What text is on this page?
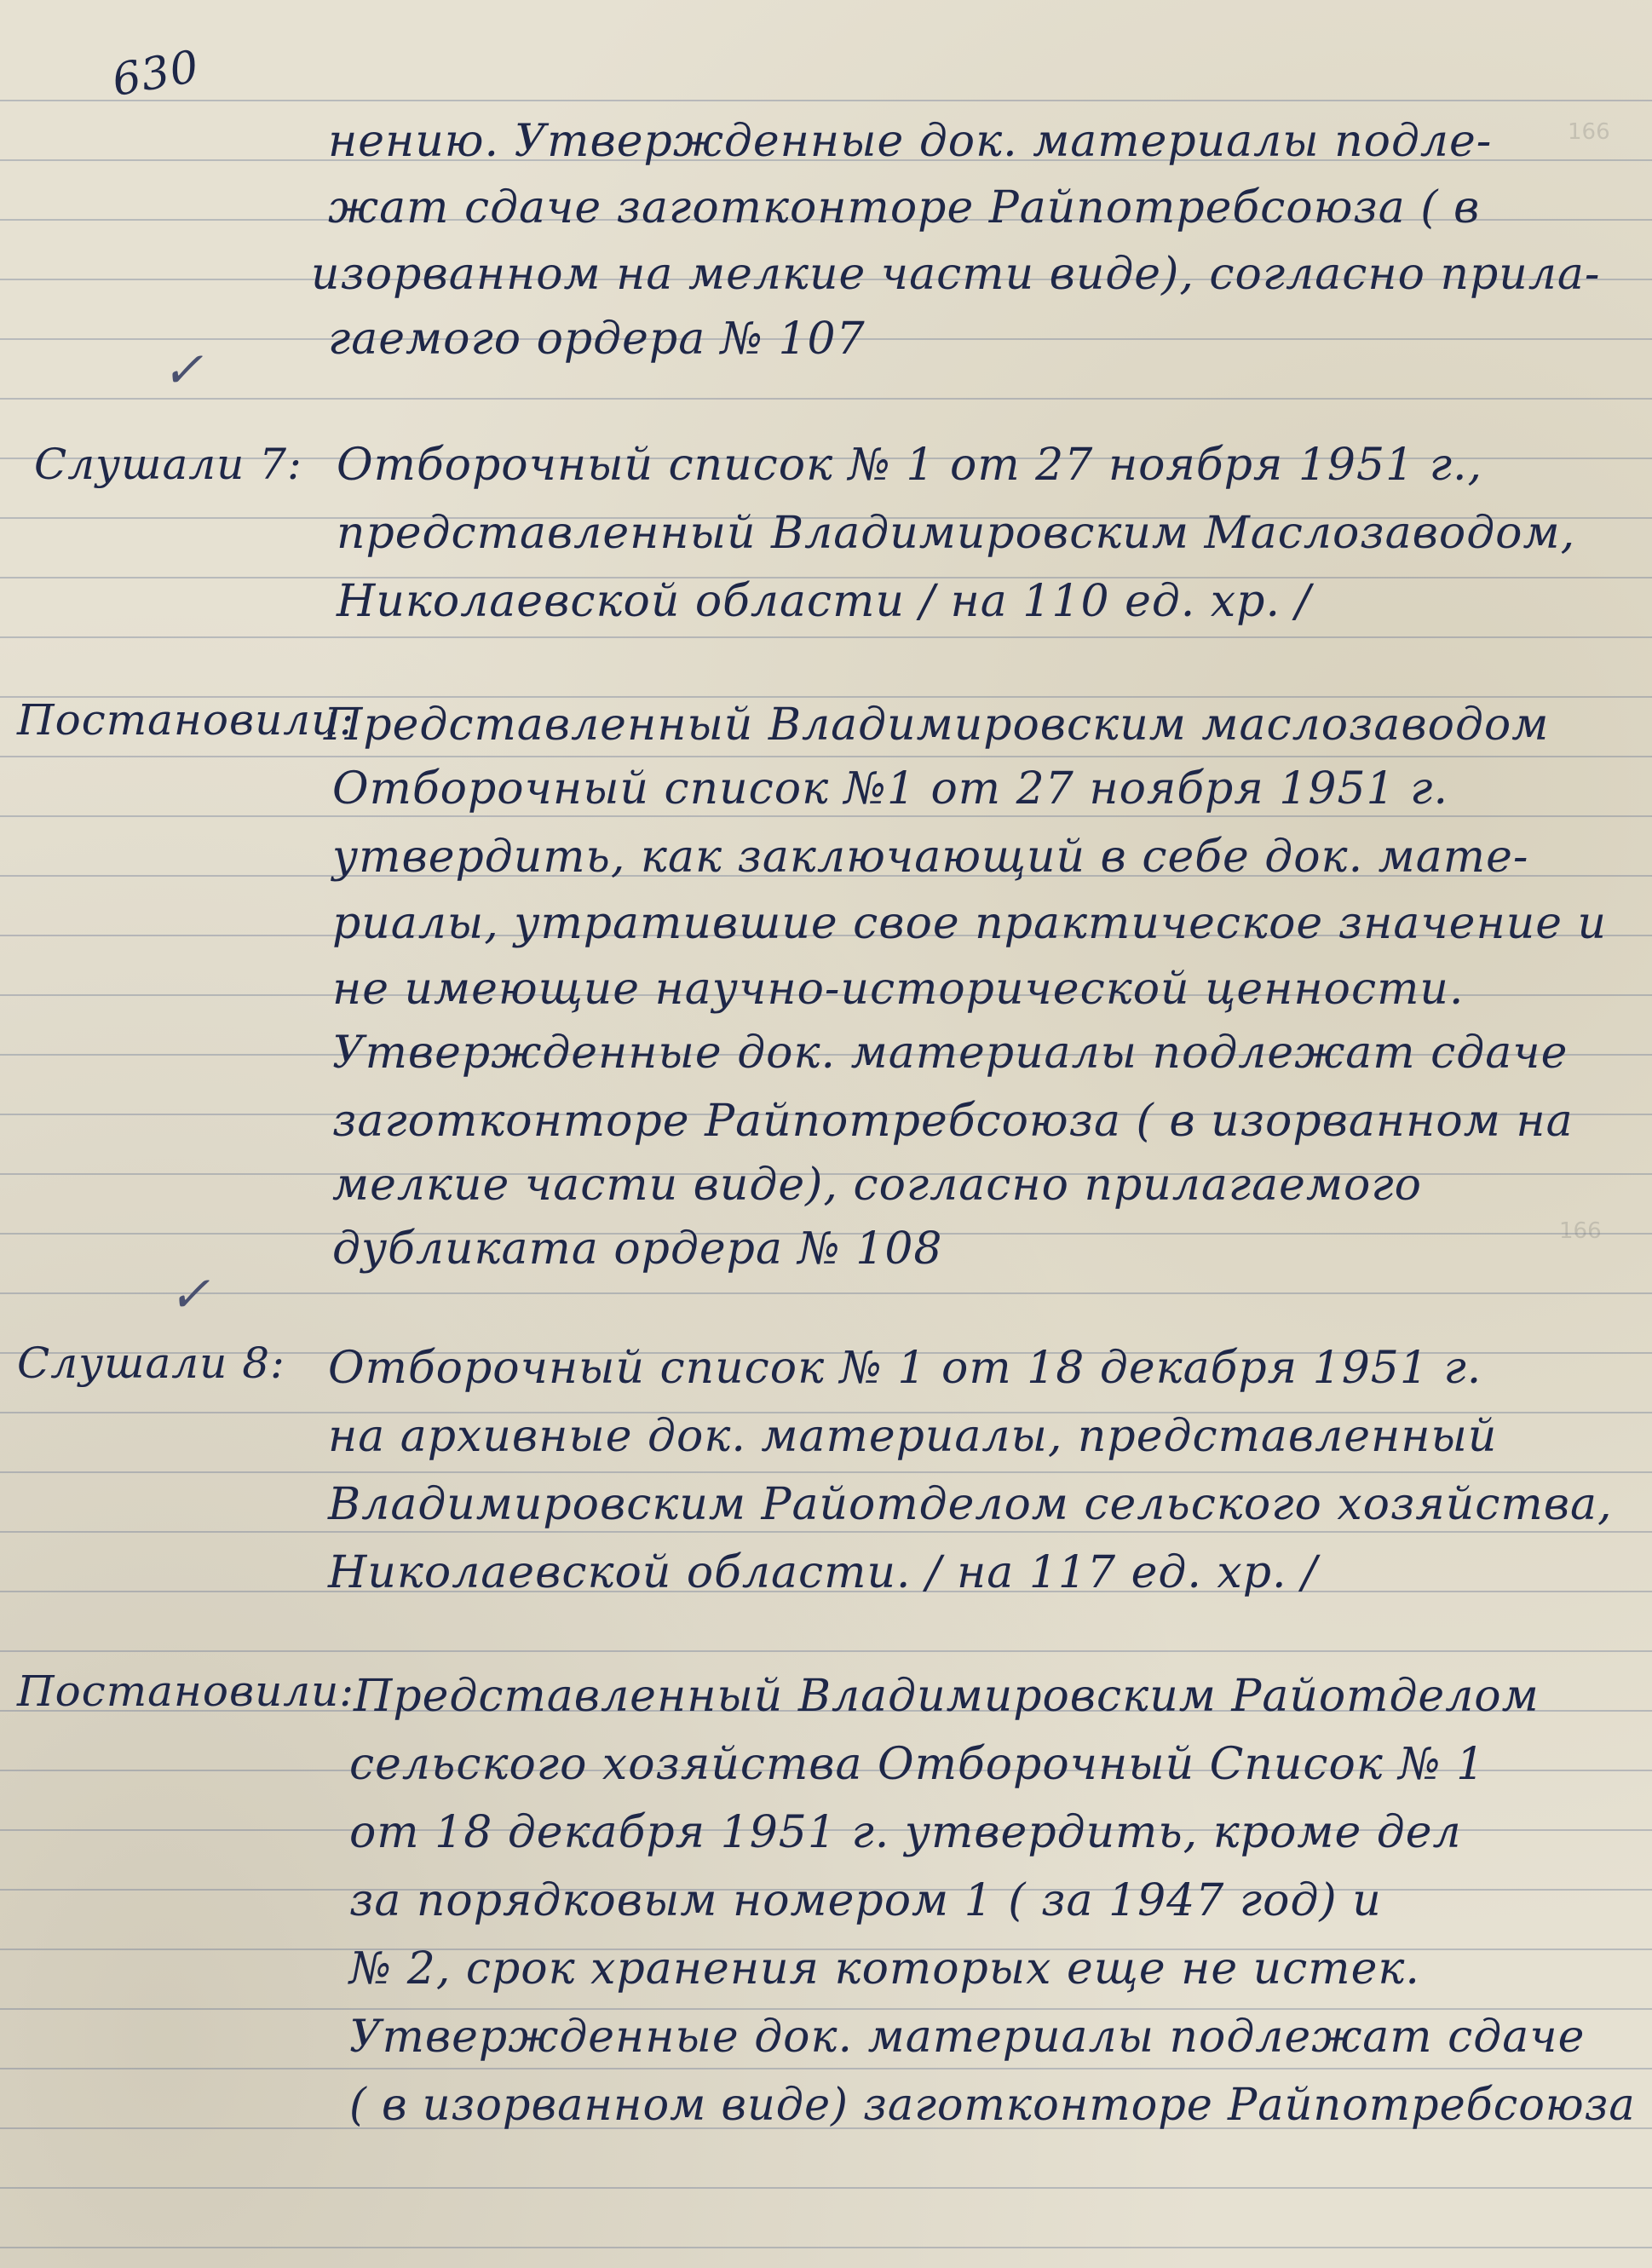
166
166
630
✓
✓
нению. Утвержденные док. материалы подле-
жат сдаче заготконторе Райпотребсоюза ( в
изорванном на мелкие части виде), согласно прила-
гаемого ордера № 107
Слушали 7: Отборочный список № 1 от 27 ноября 1951 г.,
представленный Владимировским Маслозаводом,
Николаевской области / на 110 ед. хр. /
Постановили:
Представленный Владимировским маслозаводом
Отборочный список №1 от 27 ноября 1951 г.
утвердить, как заключающий в себе док. мате-
риалы, утратившие свое практическое значение и
не имеющие научно-исторической ценности.
Утвержденные док. материалы подлежат сдаче
заготконторе Райпотребсоюза ( в изорванном на
мелкие части виде), согласно прилагаемого
дубликата ордера № 108
Слушали 8: Отборочный список № 1 от 18 декабря 1951 г.
на архивные док. материалы, представленный
Владимировским Райотделом сельского хозяйства,
Николаевской области. / на 117 ед. хр. /
Постановили:
Представленный Владимировским Райотделом
сельского хозяйства Отборочный Список № 1
от 18 декабря 1951 г. утвердить, кроме дел
за порядковым номером 1 ( за 1947 год) и
№ 2, срок хранения которых еще не истек.
Утвержденные док. материалы подлежат сдаче
( в изорванном виде) заготконторе Райпотребсоюза
